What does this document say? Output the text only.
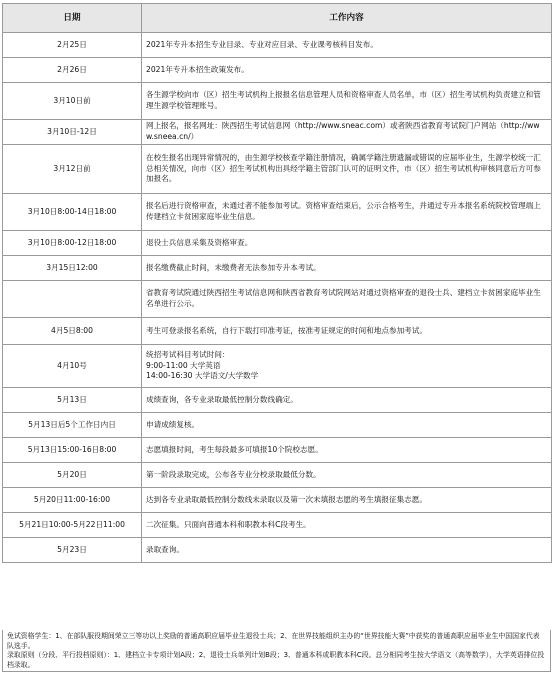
日期	工作内容
2月25日	2021年专升本招生专业目录、专业对应目录、专业课考核科目发布。

2月26日	2021年专升本招生政策发布。

3月10日前	各生源学校向市（区）招生考试机构上报报名信息管理人员和资格审查人员名单，市（区）招生考试机构负责建立和管理生源学校管理账号。

3月10日-12日	网上报名，报名网址：陕西招生考试信息网（http://www.sneac.com）或者陕西省教育考试院门户网站（http://www.sneea.cn/）

3月12日前	在校生报名出现异常情况的，由生源学校核查学籍注册情况，确属学籍注册遗漏或错误的应届毕业生，生源学校统一汇总相关情况，向市（区）招生考试机构出具经学籍主管部门认可的证明文件，市（区）招生考试机构审核同意后方可参加报名。

3月10日8:00-14日18:00	报名后进行资格审查，未通过者不能参加考试。资格审查结束后，公示合格考生，并通过专升本报名系统院校管理端上传建档立卡贫困家庭毕业生信息。

3月10日8:00-12日18:00	退役士兵信息采集及资格审查。

3月15日12:00	报名缴费截止时间，未缴费者无法参加专升本考试。

	省教育考试院通过陕西招生考试信息网和陕西省教育考试院网站对通过资格审查的退役士兵、建档立卡贫困家庭毕业生名单进行公示。

4月5日8:00	考生可登录报名系统，自行下载打印准考证，按准考证规定的时间和地点参加考试。

4月10号	统招考试科目考试时间：
9:00-11:00 大学英语
14:00-16:30 大学语文/大学数学

5月13日	成绩查询，各专业录取最低控制分数线确定。

5月13日后5个工作日内日	申请成绩复核。

5月13日15:00-16日8:00	志愿填报时间，考生每段最多可填报10个院校志愿。

5月20日	第一阶段录取完成，公布各专业分校录取最低分数。

5月20日11:00-16:00	达到各专业录取最低控制分数线未录取以及第一次未填报志愿的考生填报征集志愿。

5月21日10:00-5月22日11:00	二次征集。只面向普通本科和职教本科C段考生。

5月23日	录取查询。
免试资格学生：1、在部队服役期间荣立三等功以上奖励的普通高职应届毕业生退役士兵；2、在世界技能组织主办的“世界技能大赛”中获奖的普通高职应届毕业生中国国家代表队选手。
录取原则（分段、平行投档原则）：1、建档立卡专项计划A段；2、退役士兵单列计划B段；3、普通本科或职教本科C段。总分相同考生按大学语文（高等数学），大学英语排位投档录取。
